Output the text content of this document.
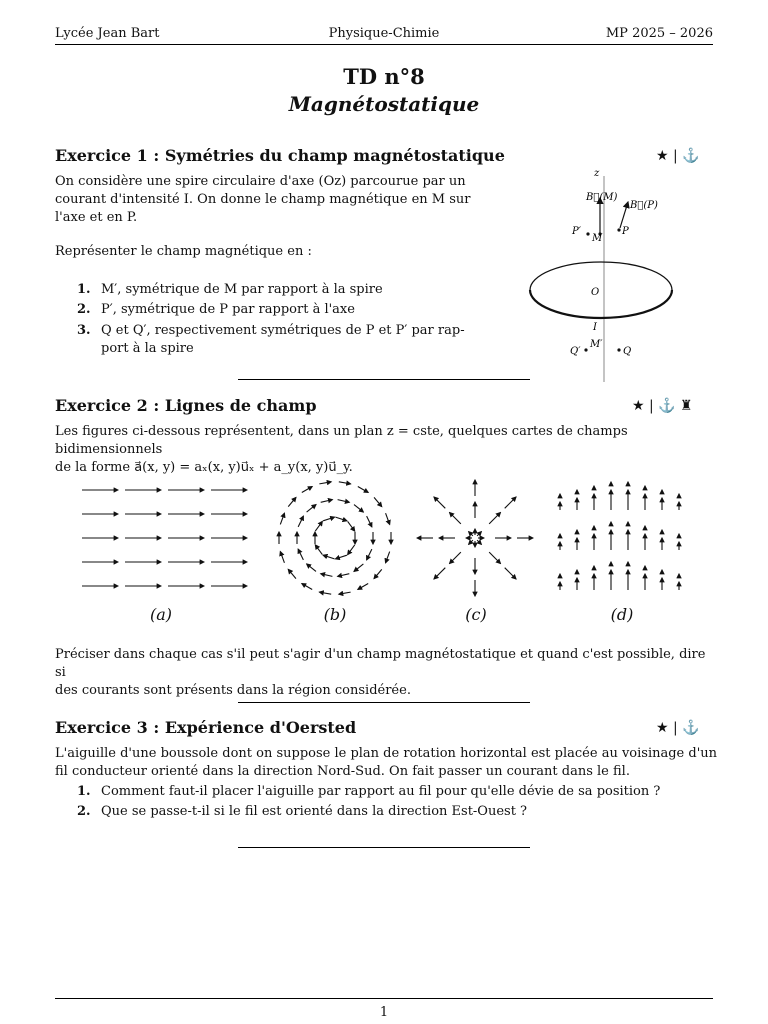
Lycée Jean Bart	Physique-Chimie	MP 2025 – 2026
TD n°8
Magnétostatique
Exercice 1 : Symétries du champ magnétostatique	★ | ⚓

On considère une spire circulaire d'axe (Oz) parcourue par un

courant d'intensité I. On donne le champ magnétique en M sur

l'axe et en P.

Représenter le champ magnétique en :
1. M′, symétrique de M par rapport à la spire
2. P′, symétrique de P par rapport à l'axe
3. Q et Q′, respectivement symétriques de P et P′ par rap-
port à la spire
z
B⃗(M)
B⃗(P)
P′
M
P
O
I
Q′
M′
Q
Exercice 2 : Lignes de champ	★ | ⚓ ♜

Les figures ci-dessous représentent, dans un plan z = cste, quelques cartes de champs bidimensionnels

de la forme a⃗(x, y) = aₓ(x, y)u⃗ₓ + a_y(x, y)u⃗_y.

(a)	(b)	(c)	(d)

Préciser dans chaque cas s'il peut s'agir d'un champ magnétostatique et quand c'est possible, dire si

des courants sont présents dans la région considérée.

Exercice 3 : Expérience d'Oersted	★ | ⚓

L'aiguille d'une boussole dont on suppose le plan de rotation horizontal est placée au voisinage d'un

fil conducteur orienté dans la direction Nord-Sud. On fait passer un courant dans le fil.

1. Comment faut-il placer l'aiguille par rapport au fil pour qu'elle dévie de sa position ?
2. Que se passe-t-il si le fil est orienté dans la direction Est-Ouest ?
1
